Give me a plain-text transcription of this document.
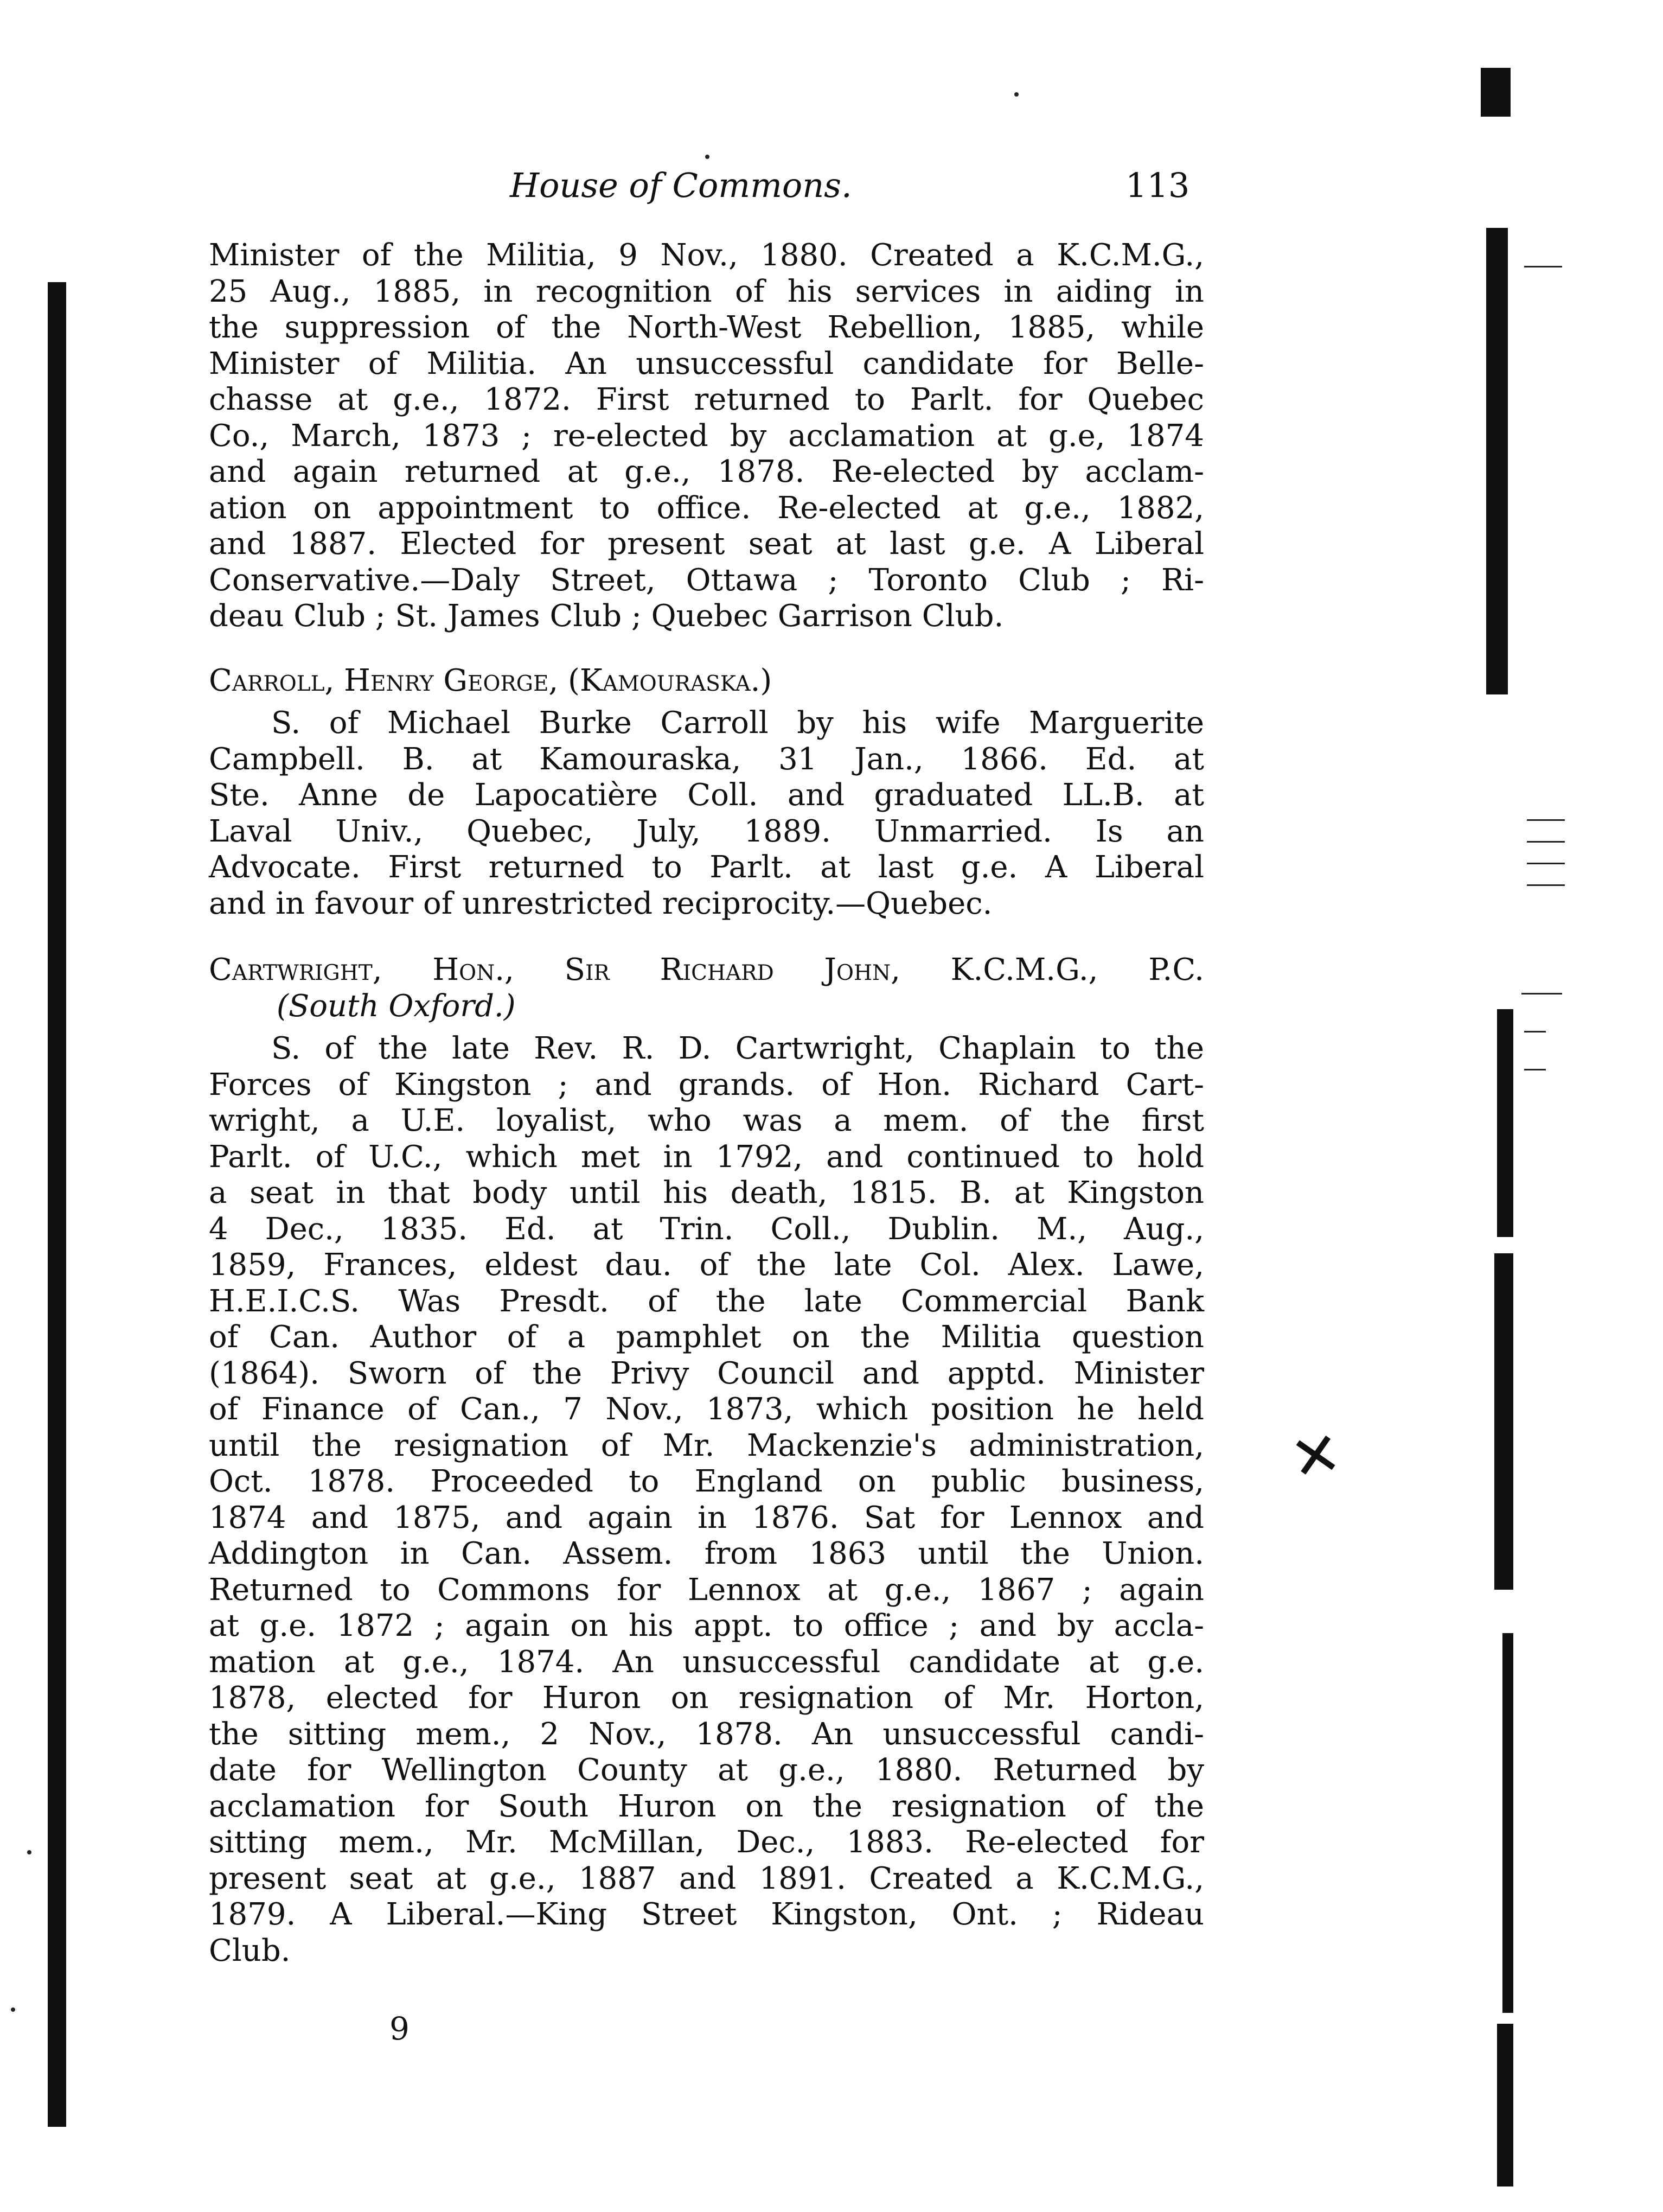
✕
House of Commons.	113
Minister of the Militia, 9 Nov., 1880. Created a K.C.M.G.,
25 Aug., 1885, in recognition of his services in aiding in
the suppression of the North-West Rebellion, 1885, while
Minister of Militia. An unsuccessful candidate for Belle-
chasse at g.e., 1872. First returned to Parlt. for Quebec
Co., March, 1873 ; re-elected by acclamation at g.e, 1874
and again returned at g.e., 1878. Re-elected by acclam-
ation on appointment to office. Re-elected at g.e., 1882,
and 1887. Elected for present seat at last g.e. A Liberal
Conservative.—Daly Street, Ottawa ; Toronto Club ; Ri-
deau Club ; St. James Club ; Quebec Garrison Club.
Carroll, Henry George, (Kamouraska.)
S. of Michael Burke Carroll by his wife Marguerite
Campbell. B. at Kamouraska, 31 Jan., 1866. Ed. at
Ste. Anne de Lapocatière Coll. and graduated LL.B. at
Laval Univ., Quebec, July, 1889. Unmarried. Is an
Advocate. First returned to Parlt. at last g.e. A Liberal
and in favour of unrestricted reciprocity.—Quebec.
Cartwright, Hon., Sir Richard John, K.C.M.G., P.C.
(South Oxford.)
S. of the late Rev. R. D. Cartwright, Chaplain to the
Forces of Kingston ; and grands. of Hon. Richard Cart-
wright, a U.E. loyalist, who was a mem. of the first
Parlt. of U.C., which met in 1792, and continued to hold
a seat in that body until his death, 1815. B. at Kingston
4 Dec., 1835. Ed. at Trin. Coll., Dublin. M., Aug.,
1859, Frances, eldest dau. of the late Col. Alex. Lawe,
H.E.I.C.S. Was Presdt. of the late Commercial Bank
of Can. Author of a pamphlet on the Militia question
(1864). Sworn of the Privy Council and apptd. Minister
of Finance of Can., 7 Nov., 1873, which position he held
until the resignation of Mr. Mackenzie's administration,
Oct. 1878. Proceeded to England on public business,
1874 and 1875, and again in 1876. Sat for Lennox and
Addington in Can. Assem. from 1863 until the Union.
Returned to Commons for Lennox at g.e., 1867 ; again
at g.e. 1872 ; again on his appt. to office ; and by accla-
mation at g.e., 1874. An unsuccessful candidate at g.e.
1878, elected for Huron on resignation of Mr. Horton,
the sitting mem., 2 Nov., 1878. An unsuccessful candi-
date for Wellington County at g.e., 1880. Returned by
acclamation for South Huron on the resignation of the
sitting mem., Mr. McMillan, Dec., 1883. Re-elected for
present seat at g.e., 1887 and 1891. Created a K.C.M.G.,
1879. A Liberal.—King Street Kingston, Ont. ; Rideau
Club.
9
